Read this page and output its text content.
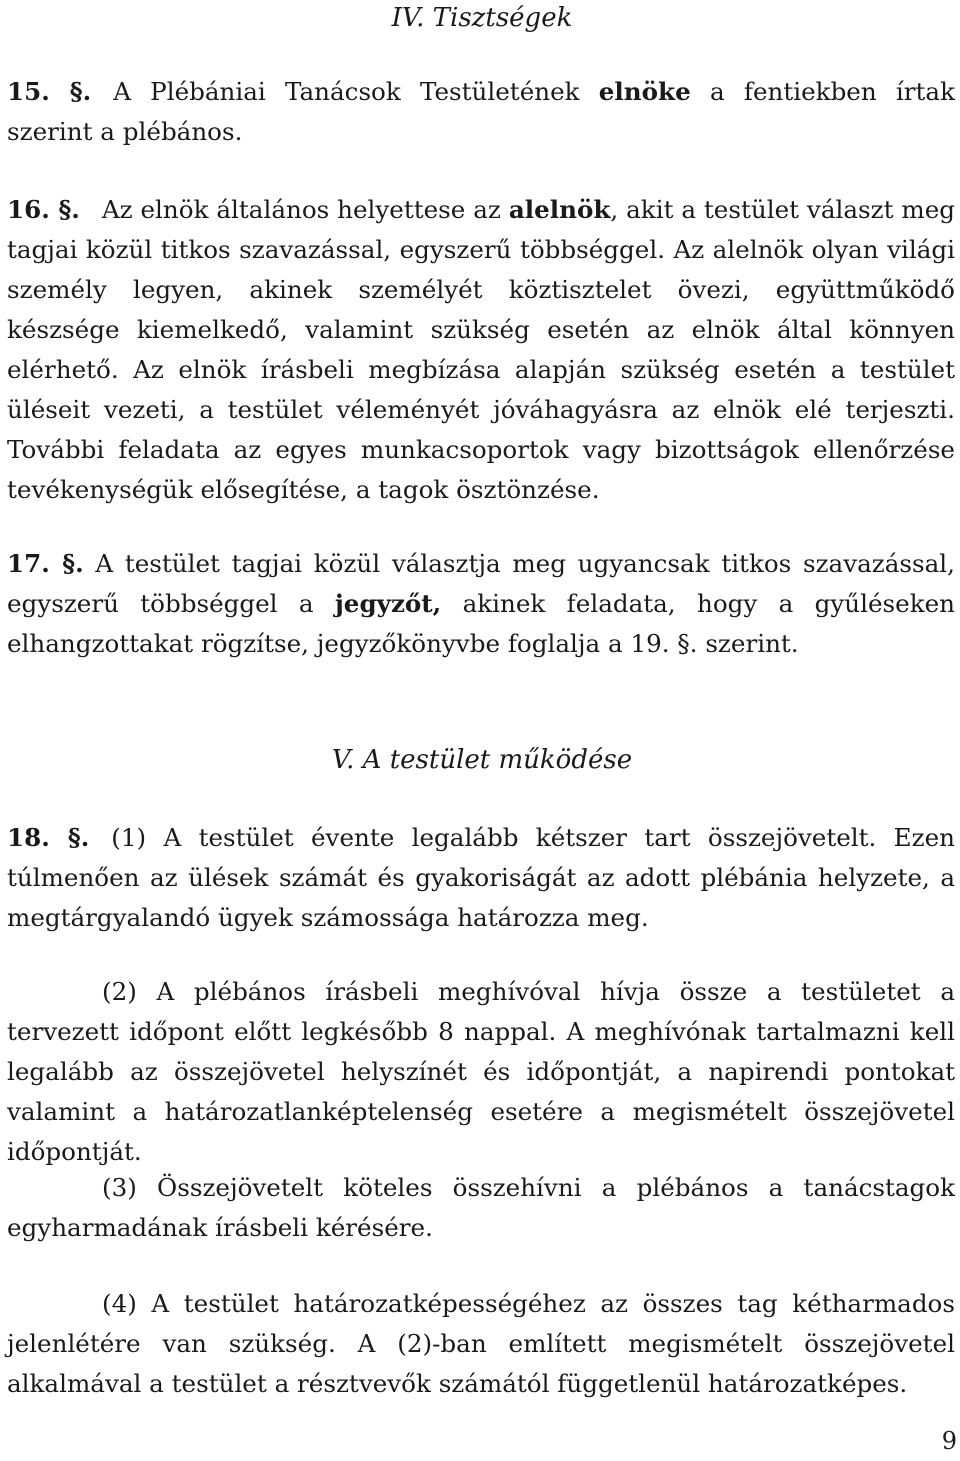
IV. Tisztségek

15. §. A Plébániai Tanácsok Testületének elnöke a fentiekben írtak szerint a plébános.

16. §. Az elnök általános helyettese az alelnök, akit a testület választ meg tagjai közül titkos szavazással, egyszerű többséggel. Az alelnök olyan világi személy legyen, akinek személyét köztisztelet övezi, együttműködő készsége kiemelkedő, valamint szükség esetén az elnök által könnyen elérhető. Az elnök írásbeli megbízása alapján szükség esetén a testület üléseit vezeti, a testület véleményét jóváhagyásra az elnök elé terjeszti. További feladata az egyes munkacsoportok vagy bizottságok ellenőrzése tevékenységük elősegítése, a tagok ösztönzése.

17. §. A testület tagjai közül választja meg ugyancsak titkos szavazással, egyszerű többséggel a jegyzőt, akinek feladata, hogy a gyűléseken elhangzottakat rögzítse, jegyzőkönyvbe foglalja a 19. §. szerint.

V. A testület működése

18. §. (1) A testület évente legalább kétszer tart összejövetelt. Ezen túlmenően az ülések számát és gyakoriságát az adott plébánia helyzete, a megtárgyalandó ügyek számossága határozza meg.

(2) A plébános írásbeli meghívóval hívja össze a testületet a tervezett időpont előtt legkésőbb 8 nappal. A meghívónak tartalmazni kell legalább az összejövetel helyszínét és időpontját, a napirendi pontokat valamint a határozatlanképtelenség esetére a megismételt összejövetel időpontját.

(3) Összejövetelt köteles összehívni a plébános a tanácstagok egyharmadának írásbeli kérésére.

(4) A testület határozatképességéhez az összes tag kétharmados jelenlétére van szükség. A (2)-ban említett megismételt összejövetel alkalmával a testület a résztvevők számától függetlenül határozatképes.

9
